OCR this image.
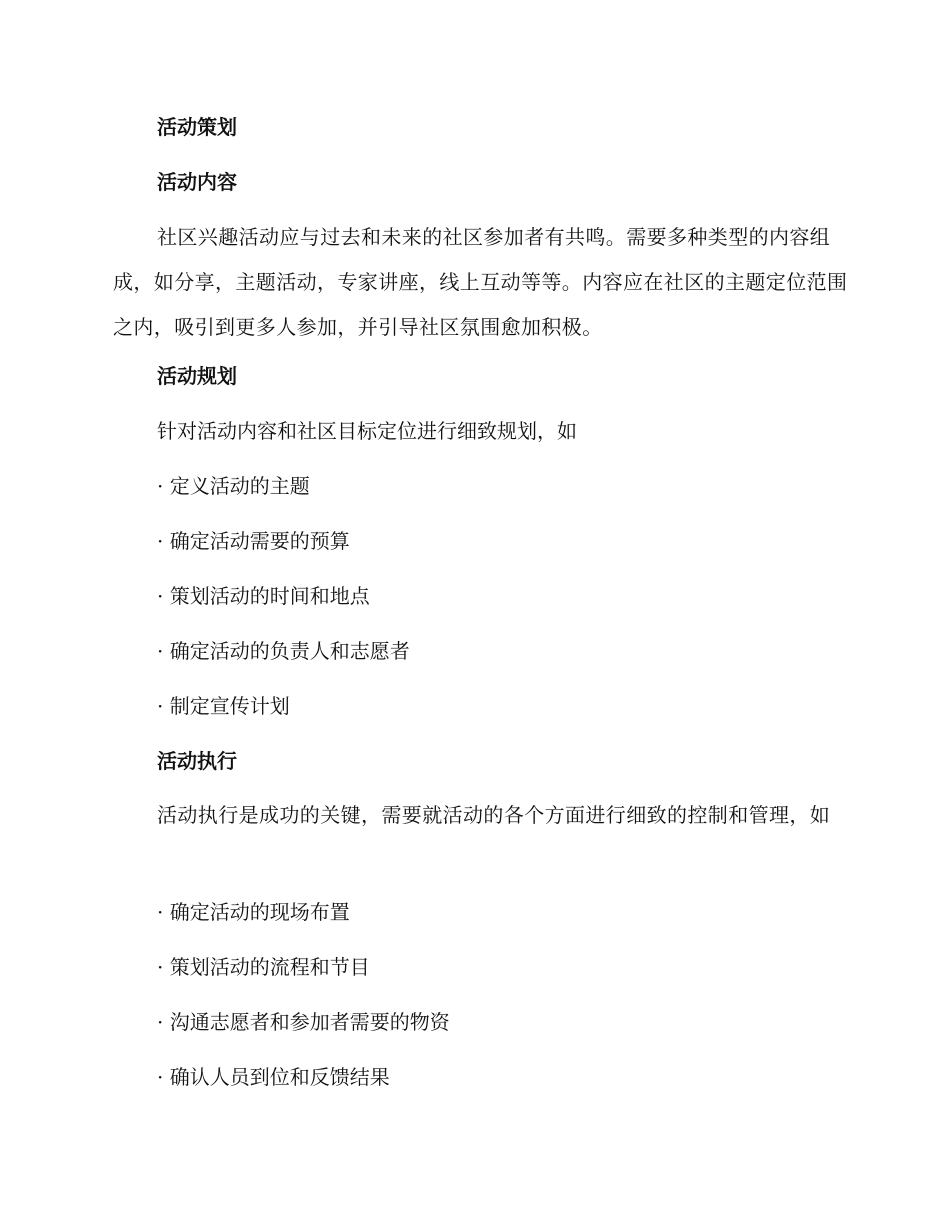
活动策划
活动内容
社区兴趣活动应与过去和未来的社区参加者有共鸣。需要多种类型的内容组成，如分享，主题活动，专家讲座，线上互动等等。内容应在社区的主题定位范围之内，吸引到更多人参加，并引导社区氛围愈加积极。
活动规划
针对活动内容和社区目标定位进行细致规划，如
· 定义活动的主题
· 确定活动需要的预算
· 策划活动的时间和地点
· 确定活动的负责人和志愿者
· 制定宣传计划
活动执行
活动执行是成功的关键，需要就活动的各个方面进行细致的控制和管理，如
· 确定活动的现场布置
· 策划活动的流程和节目
· 沟通志愿者和参加者需要的物资
· 确认人员到位和反馈结果
